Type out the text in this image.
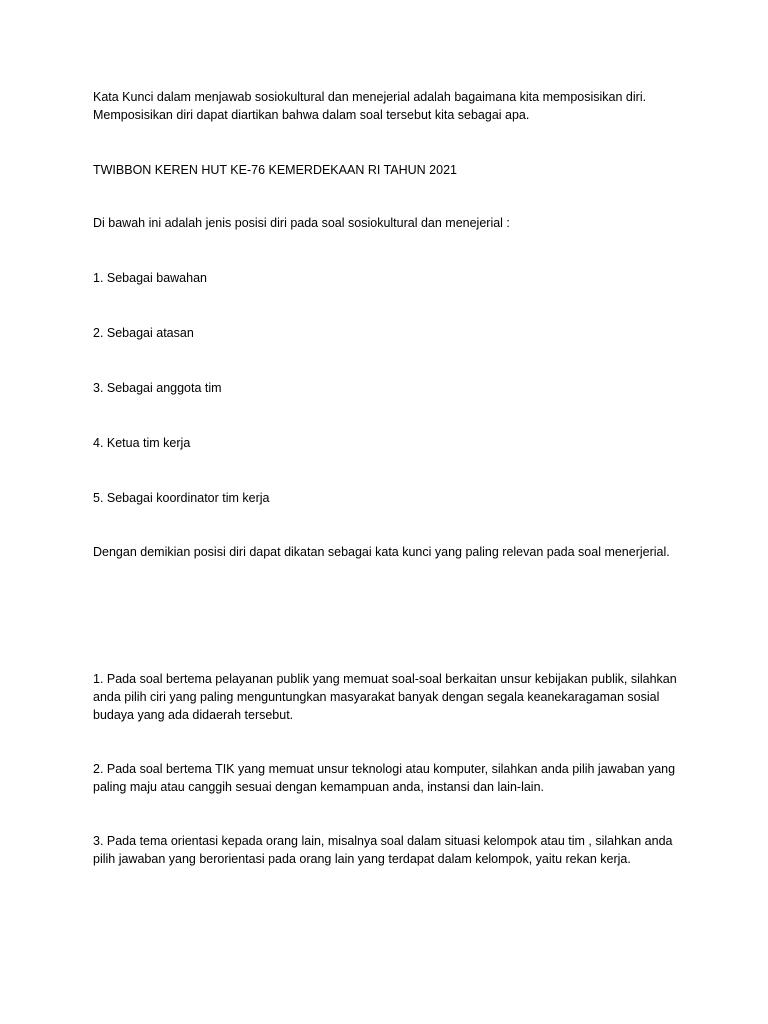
Kata Kunci dalam menjawab sosiokultural dan menejerial adalah bagaimana kita memposisikan diri. Memposisikan diri dapat diartikan bahwa dalam soal tersebut kita sebagai apa.

TWIBBON KEREN HUT KE-76 KEMERDEKAAN RI TAHUN 2021

Di bawah ini adalah jenis posisi diri pada soal sosiokultural dan menejerial :

1. Sebagai bawahan

2. Sebagai atasan

3. Sebagai anggota tim

4. Ketua tim kerja

5. Sebagai koordinator tim kerja

Dengan demikian posisi diri dapat dikatan sebagai kata kunci yang paling relevan pada soal menerjerial.

1. Pada soal bertema pelayanan publik yang memuat soal-soal berkaitan unsur kebijakan publik, silahkan anda pilih ciri yang paling menguntungkan masyarakat banyak dengan segala keanekaragaman sosial budaya yang ada didaerah tersebut.

2. Pada soal bertema TIK yang memuat unsur teknologi atau komputer, silahkan anda pilih jawaban yang paling maju atau canggih sesuai dengan kemampuan anda, instansi dan lain-lain.

3. Pada tema orientasi kepada orang lain, misalnya soal dalam situasi kelompok atau tim , silahkan anda pilih jawaban yang berorientasi pada orang lain yang terdapat dalam kelompok, yaitu rekan kerja.
